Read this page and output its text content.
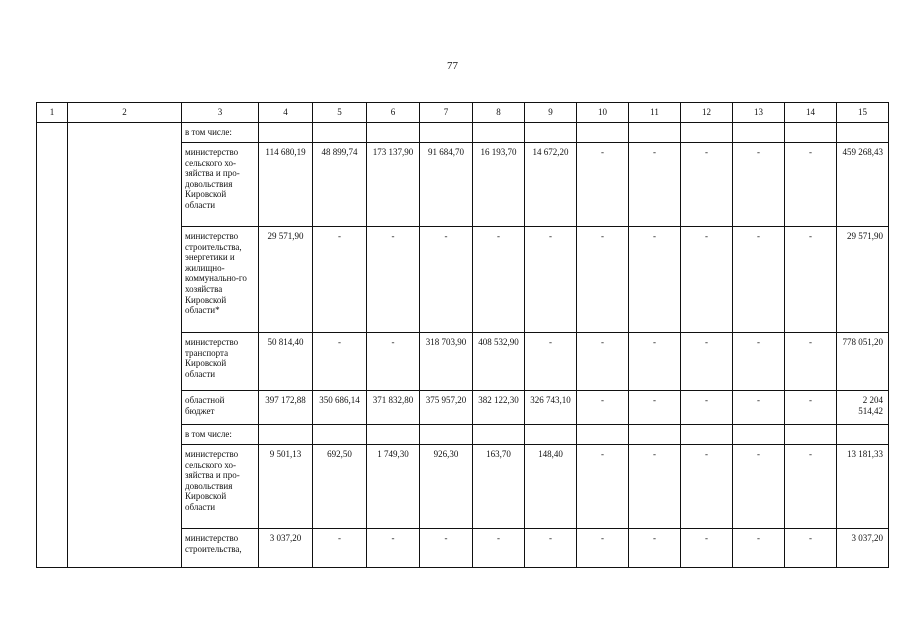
77
1	2	3	4	5	6	7	8	9	10	11	12	13	14	15
		в том числе:												
		министерство сельского хо-зяйства и про-довольствия Кировской области	114 680,19	48 899,74	173 137,90	91 684,70	16 193,70	14 672,20	-	-	-	-	-	459 268,43
		министерство строительства, энергетики и жилищно-коммунально-го хозяйства Кировской области*	29 571,90	-	-	-	-	-	-	-	-	-	-	29 571,90
		министерство транспорта Кировской области	50 814,40	-	-	318 703,90	408 532,90	-	-	-	-	-	-	778 051,20
		областной бюджет	397 172,88	350 686,14	371 832,80	375 957,20	382 122,30	326 743,10	-	-	-	-	-	2 204 514,42
		в том числе:												
		министерство сельского хо-зяйства и про-довольствия Кировской области	9 501,13	692,50	1 749,30	926,30	163,70	148,40	-	-	-	-	-	13 181,33
		министерство строительства,	3 037,20	-	-	-	-	-	-	-	-	-	-	3 037,20
